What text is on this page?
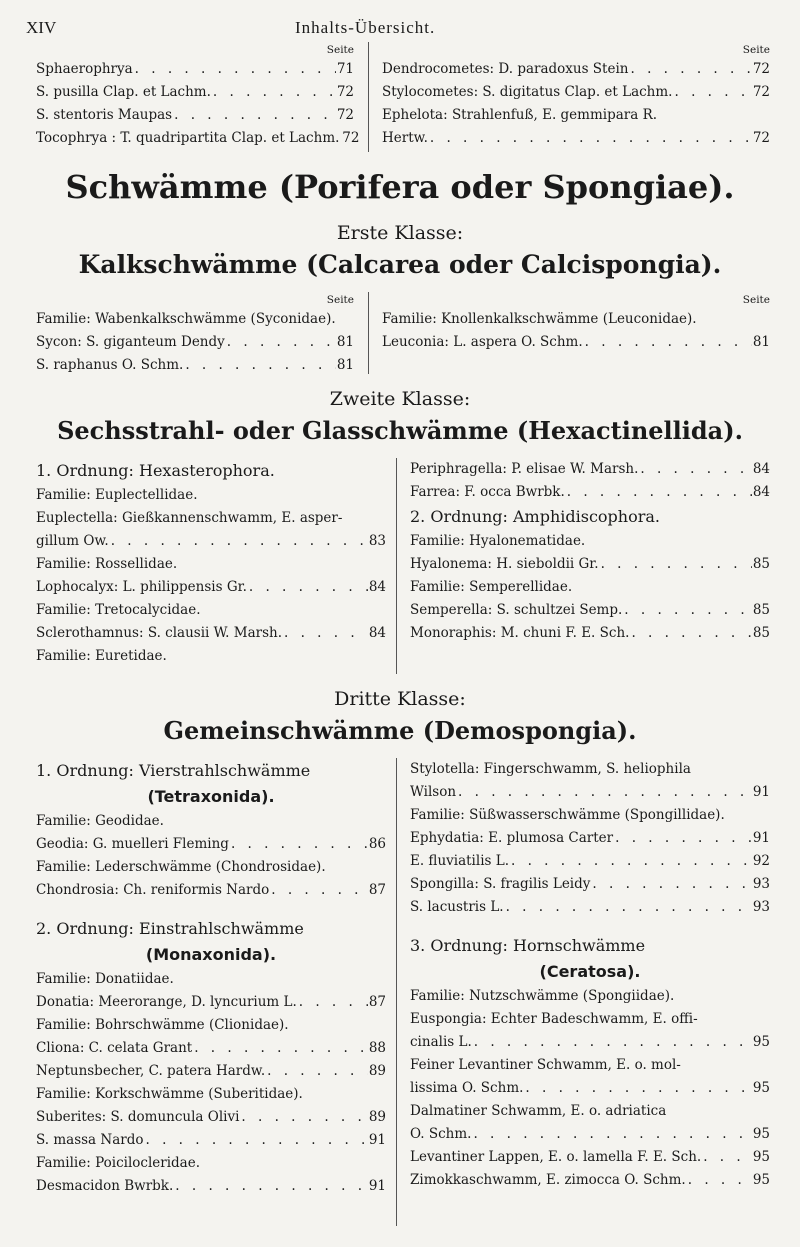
XIV	Inhalts-Übersicht.
Seite
Sphaerophrya . . .	71
S. pusilla Clap. et Lachm. . . .	72
S. stentoris Maupas . . .	72
Tocophrya : T. quadripartita Clap. et Lachm. . . . 72
Seite
Dendrocometes: D. paradoxus Stein . . .	72
Stylocometes: S. digitatus Clap. et Lachm. . . .	72
Ephelota: Strahlenfuß, E. gemmipara R.
Hertw. . . .	72
Schwämme (Porifera oder Spongiae).
Erste Klasse:
Kalkschwämme (Calcarea oder Calcispongia).
Seite
Familie: Wabenkalkschwämme (Syconidae).
Sycon: S. giganteum Dendy . . .	81
S. raphanus O. Schm. . . .	81
Seite
Familie: Knollenkalkschwämme (Leuconidae).
Leuconia: L. aspera O. Schm. . . .	81
Zweite Klasse:
Sechsstrahl- oder Glasschwämme (Hexactinellida).
1. Ordnung: Hexasterophora.
Familie: Euplectellidae.
Euplectella: Gießkannenschwamm, E. asper-
gillum Ow. . . .	83
Familie: Rossellidae.
Lophocalyx: L. philippensis Gr. . . .	84
Familie: Tretocalycidae.
Sclerothamnus: S. clausii W. Marsh. . . .	84
Familie: Euretidae.
Periphragella: P. elisae W. Marsh. . . .	84
Farrea: F. occa Bwrbk. . . .	84
2. Ordnung: Amphidiscophora.
Familie: Hyalonematidae.
Hyalonema: H. sieboldii Gr. . . .	85
Familie: Semperellidae.
Semperella: S. schultzei Semp. . . .	85
Monoraphis: M. chuni F. E. Sch. . . .	85
Dritte Klasse:
Gemeinschwämme (Demospongia).
1. Ordnung: Vierstrahlschwämme
(Tetraxonida).
Familie: Geodidae.
Geodia: G. muelleri Fleming . . .	86
Familie: Lederschwämme (Chondrosidae).
Chondrosia: Ch. reniformis Nardo . . .	87
2. Ordnung: Einstrahlschwämme
(Monaxonida).
Familie: Donatiidae.
Donatia: Meerorange, D. lyncurium L. . . .	87
Familie: Bohrschwämme (Clionidae).
Cliona: C. celata Grant . . .	88
Neptunsbecher, C. patera Hardw. . . .	89
Familie: Korkschwämme (Suberitidae).
Suberites: S. domuncula Olivi . . .	89
S. massa Nardo . . .	91
Familie: Poicilocleridae.
Desmacidon Bwrbk. . . .	91
Stylotella: Fingerschwamm, S. heliophila
Wilson . . .	91
Familie: Süßwasserschwämme (Spongillidae).
Ephydatia: E. plumosa Carter . . .	91
E. fluviatilis L. . . .	92
Spongilla: S. fragilis Leidy . . .	93
S. lacustris L. . . .	93
3. Ordnung: Hornschwämme
(Ceratosa).
Familie: Nutzschwämme (Spongiidae).
Euspongia: Echter Badeschwamm, E. offi-
cinalis L. . . .	95
Feiner Levantiner Schwamm, E. o. mol-
lissima O. Schm. . . .	95
Dalmatiner Schwamm, E. o. adriatica
O. Schm. . . .	95
Levantiner Lappen, E. o. lamella F. E. Sch. . . .	95
Zimokkaschwamm, E. zimocca O. Schm. . . .	95
